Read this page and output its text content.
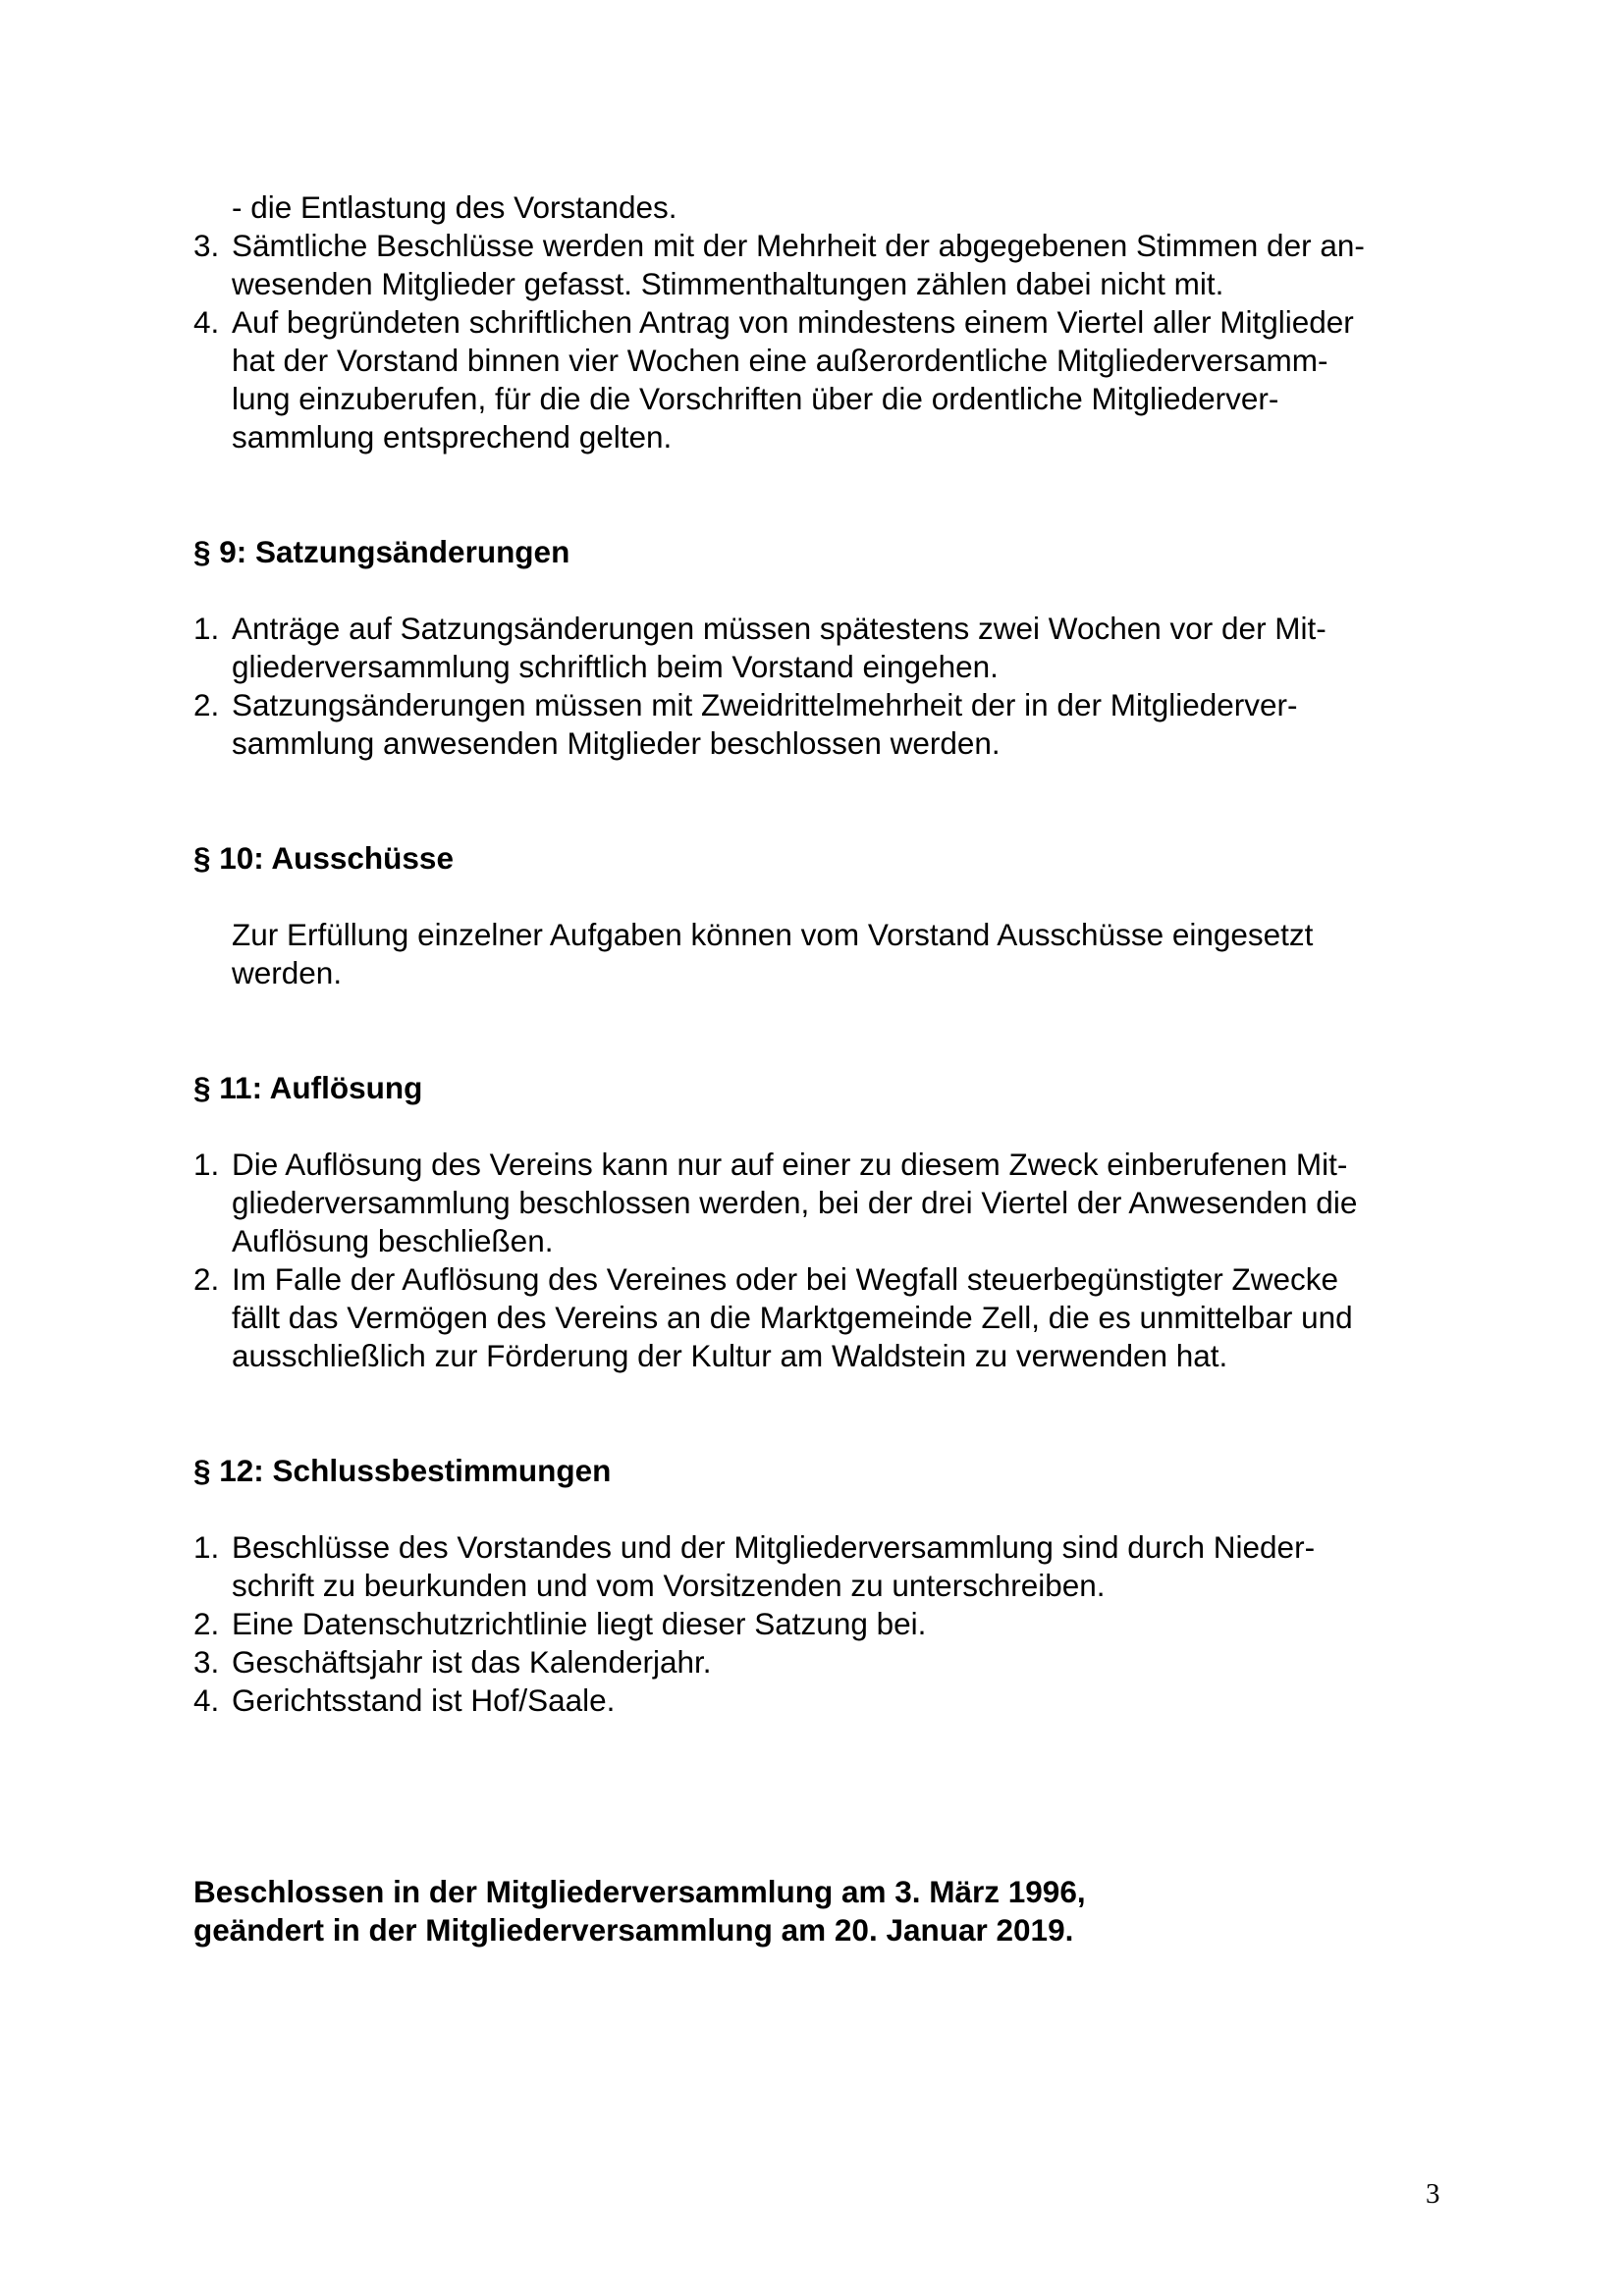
- die Entlastung des Vorstandes.
3. Sämtliche Beschlüsse werden mit der Mehrheit der abgegebenen Stimmen der an-
wesenden Mitglieder gefasst. Stimmenthaltungen zählen dabei nicht mit.
4. Auf begründeten schriftlichen Antrag von mindestens einem Viertel aller Mitglieder
hat der Vorstand binnen vier Wochen eine außerordentliche Mitgliederversamm-
lung einzuberufen, für die die Vorschriften über die ordentliche Mitgliederver-
sammlung entsprechend gelten.
§ 9: Satzungsänderungen
1. Anträge auf Satzungsänderungen müssen spätestens zwei Wochen vor der Mit-
gliederversammlung schriftlich beim Vorstand eingehen.
2. Satzungsänderungen müssen mit Zweidrittelmehrheit der in der Mitgliederver-
sammlung anwesenden Mitglieder beschlossen werden.
§ 10: Ausschüsse
Zur Erfüllung einzelner Aufgaben können vom Vorstand Ausschüsse eingesetzt
werden.
§ 11: Auflösung
1. Die Auflösung des Vereins kann nur auf einer zu diesem Zweck einberufenen Mit-
gliederversammlung beschlossen werden, bei der drei Viertel der Anwesenden die
Auflösung beschließen.
2. Im Falle der Auflösung des Vereines oder bei Wegfall steuerbegünstigter Zwecke
fällt das Vermögen des Vereins an die Marktgemeinde Zell, die es unmittelbar und
ausschließlich zur Förderung der Kultur am Waldstein zu verwenden hat.
§ 12: Schlussbestimmungen
1. Beschlüsse des Vorstandes und der Mitgliederversammlung sind durch Nieder-
schrift zu beurkunden und vom Vorsitzenden zu unterschreiben.
2. Eine Datenschutzrichtlinie liegt dieser Satzung bei.
3. Geschäftsjahr ist das Kalenderjahr.
4. Gerichtsstand ist Hof/Saale.
Beschlossen in der Mitgliederversammlung am 3. März 1996,
geändert in der Mitgliederversammlung am 20. Januar 2019.
3
